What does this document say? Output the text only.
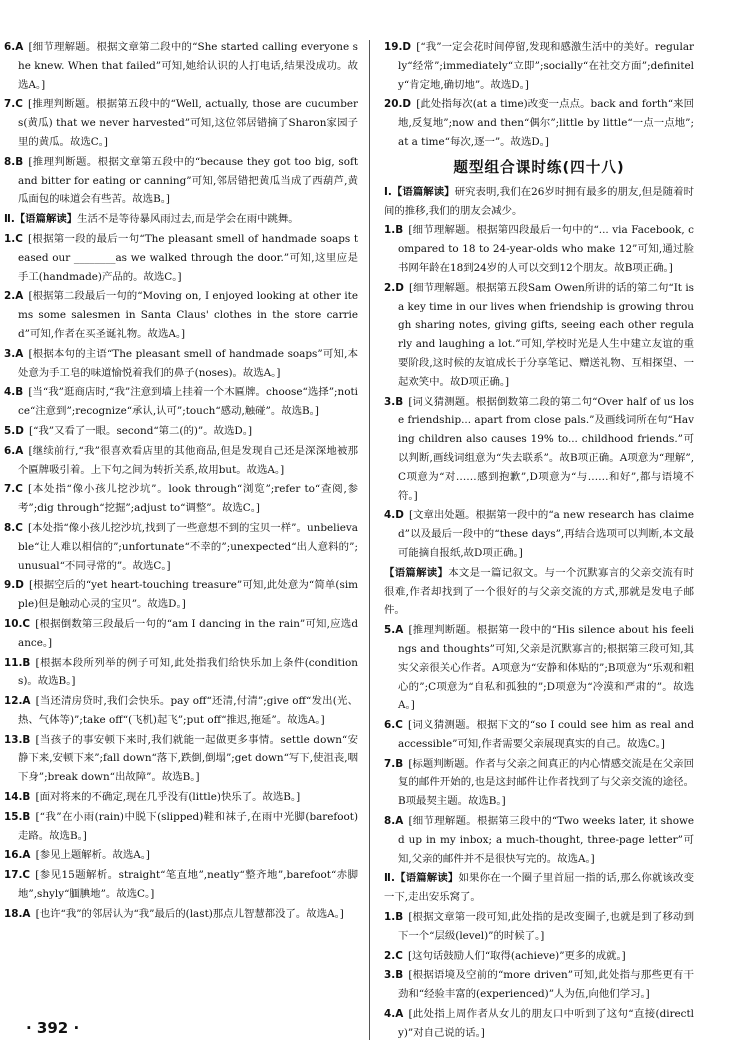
6.A  [细节理解题。根据文章第二段中的“She started calling everyone she knew. When that failed”可知,她给认识的人打电话,结果没成功。故选A。]
7.C  [推理判断题。根据第五段中的“Well, actually, those are cucumbers(黄瓜) that we never harvested”可知,这位邻居错摘了Sharon家园子里的黄瓜。故选C。]
8.B  [推理判断题。根据文章第五段中的“because they got too big, soft and bitter for eating or canning”可知,邻居错把黄瓜当成了西葫芦,黄瓜面包的味道会有些苦。故选B。]
Ⅱ.【语篇解读】生活不是等待暴风雨过去,而是学会在雨中跳舞。
1.C  [根据第一段的最后一句“The pleasant smell of handmade soaps teased our ________as we walked through the door.”可知,这里应是手工(handmade)产品的。故选C。]
2.A  [根据第二段最后一句的“Moving on, I enjoyed looking at other items some salesmen in Santa Claus' clothes in the store carried”可知,作者在买圣诞礼物。故选A。]
3.A  [根据本句的主语“The pleasant smell of handmade soaps”可知,本处意为手工皂的味道愉悦着我们的鼻子(noses)。故选A。]
4.B  [当“我”逛商店时,“我”注意到墙上挂着一个木匾牌。choose“选择”;notice“注意到”;recognize“承认,认可”;touch“感动,触碰”。故选B。]
5.D  [“我”又看了一眼。second“第二(的)”。故选D。]
6.A  [继续前行,“我”很喜欢看店里的其他商品,但是发现自己还是深深地被那个匾牌吸引着。上下句之间为转折关系,故用but。故选A。]
7.C  [本处指“像小孩儿挖沙坑”。look through“浏览”;refer to“查阅,参考”;dig through“挖掘”;adjust to“调整”。故选C。]
8.C  [本处指“像小孩儿挖沙坑,找到了一些意想不到的宝贝一样”。unbelievable“让人难以相信的”;unfortunate“不幸的”;unexpected“出人意料的”;unusual“不同寻常的”。故选C。]
9.D  [根据空后的“yet heart-touching treasure”可知,此处意为“简单(simple)但是触动心灵的宝贝”。故选D。]
10.C  [根据倒数第三段最后一句的“am I dancing in the rain”可知,应选dance。]
11.B  [根据本段所列举的例子可知,此处指我们给快乐加上条件(conditions)。故选B。]
12.A  [当还清房贷时,我们会快乐。pay off“还清,付清”;give off“发出(光、热、气体等)”;take off“(飞机)起飞”;put off“推迟,拖延”。故选A。]
13.B  [当孩子的事安顿下来时,我们就能一起做更多事情。settle down“安静下来,安顿下来”;fall down“落下,跌倒,倒塌”;get down“写下,使沮丧,咽下身”;break down“出故障”。故选B。]
14.B  [面对将来的不确定,现在几乎没有(little)快乐了。故选B。]
15.B  [“我”在小雨(rain)中脱下(slipped)鞋和袜子,在雨中光脚(barefoot)走路。故选B。]
16.A  [参见上题解析。故选A。]
17.C  [参见15题解析。straight“笔直地”,neatly“整齐地”,barefoot“赤脚地”,shyly“腼腆地”。故选C。]
18.A  [也许“我”的邻居认为“我”最后的(last)那点儿智慧都没了。故选A。]
19.D  [“我”一定会花时间停留,发现和感激生活中的美好。regularly“经常”;immediately“立即”;socially“在社交方面”;definitely“肯定地,确切地”。故选D。]
20.D  [此处指每次(at a time)改变一点点。back and forth“来回地,反复地”;now and then“偶尔”;little by little“一点一点地”;at a time“每次,逐一”。故选D。]
题型组合课时练(四十八)
Ⅰ.【语篇解读】研究表明,我们在26岁时拥有最多的朋友,但是随着时间的推移,我们的朋友会减少。
1.B  [细节理解题。根据第四段最后一句中的“... via Facebook, compared to 18 to 24-year-olds who make 12”可知,通过脸书网年龄在18到24岁的人可以交到12个朋友。故B项正确。]
2.D  [细节理解题。根据第五段Sam Owen所讲的话的第二句“It is a key time in our lives when friendship is growing through sharing notes, giving gifts, seeing each other regularly and laughing a lot.”可知,学校时光是人生中建立友谊的重要阶段,这时候的友谊成长于分享笔记、赠送礼物、互相探望、一起欢笑中。故D项正确。]
3.B  [词义猜测题。根据倒数第二段的第二句“Over half of us lose friendship... apart from close pals.”及画线词所在句“Having children also causes 19% to... childhood friends.”可以判断,画线词组意为“失去联系”。故B项正确。A项意为“理解”,C项意为“对……感到抱歉”,D项意为“与……和好”,都与语境不符。]
4.D  [文章出处题。根据第一段中的“a new research has claimed”以及最后一段中的“these days”,再结合选项可以判断,本文最可能摘自报纸,故D项正确。]
【语篇解读】本文是一篇记叙文。与一个沉默寡言的父亲交流有时很难,作者却找到了一个很好的与父亲交流的方式,那就是发电子邮件。
5.A  [推理判断题。根据第一段中的“His silence about his feelings and thoughts”可知,父亲是沉默寡言的;根据第三段可知,其实父亲很关心作者。A项意为“安静和体贴的”;B项意为“乐观和粗心的”;C项意为“自私和孤独的”;D项意为“冷漠和严肃的”。故选A。]
6.C  [词义猜测题。根据下文的“so I could see him as real and accessible”可知,作者需要父亲展现真实的自己。故选C。]
7.B  [标题判断题。作者与父亲之间真正的内心情感交流是在父亲回复的邮件开始的,也是这封邮件让作者找到了与父亲交流的途径。B项最契主题。故选B。]
8.A  [细节理解题。根据第三段中的“Two weeks later, it showed up in my inbox; a much-thought, three-page letter”可知,父亲的邮件并不是很快写完的。故选A。]
Ⅱ.【语篇解读】如果你在一个圈子里首屈一指的话,那么你就该改变一下,走出安乐窝了。
1.B  [根据文章第一段可知,此处指的是改变圈子,也就是到了移动到下一个“层级(level)”的时候了。]
2.C  [这句话鼓励人们“取得(achieve)”更多的成就。]
3.B  [根据语境及空前的“more driven”可知,此处指与那些更有干劲和“经验丰富的(experienced)”人为伍,向他们学习。]
4.A  [此处指上周作者从女儿的朋友口中听到了这句“直接(directly)”对自己说的话。]
· 392 ·
